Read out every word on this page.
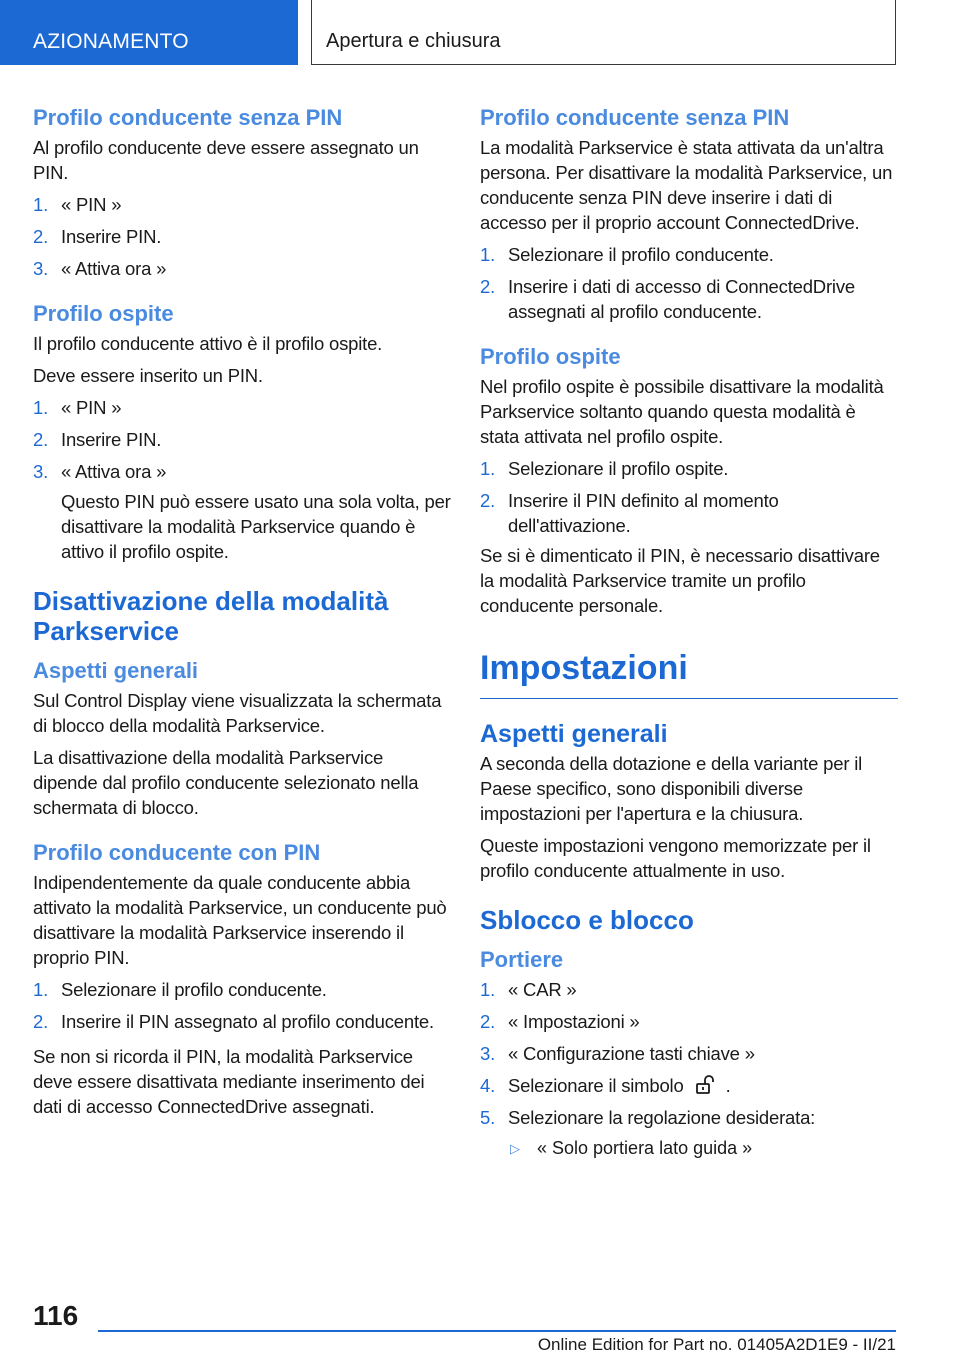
AZIONAMENTO	Apertura e chiusura
Profilo conducente senza PIN

Al profilo conducente deve essere assegnato un PIN.

1. « PIN »
2. Inserire PIN.
3. « Attiva ora »
Profilo ospite

Il profilo conducente attivo è il profilo ospite.

Deve essere inserito un PIN.

1. « PIN »
2. Inserire PIN.
3. « Attiva ora »

Questo PIN può essere usato una sola volta, per disattivare la modalità Parkservice quando è attivo il profilo ospite.

Disattivazione della modalità Parkservice
Aspetti generali

Sul Control Display viene visualizzata la schermata di blocco della modalità Parkservice.

La disattivazione della modalità Parkservice dipende dal profilo conducente selezionato nella schermata di blocco.

Profilo conducente con PIN

Indipendentemente da quale conducente abbia attivato la modalità Parkservice, un conducente può disattivare la modalità Parkservice inserendo il proprio PIN.

1. Selezionare il profilo conducente.
2. Inserire il PIN assegnato al profilo conducente.

Se non si ricorda il PIN, la modalità Parkservice deve essere disattivata mediante inserimento dei dati di accesso ConnectedDrive assegnati.

Profilo conducente senza PIN

La modalità Parkservice è stata attivata da un'altra persona. Per disattivare la modalità Parkservice, un conducente senza PIN deve inserire i dati di accesso per il proprio account ConnectedDrive.

1. Selezionare il profilo conducente.
2. Inserire i dati di accesso di ConnectedDrive assegnati al profilo conducente.
Profilo ospite

Nel profilo ospite è possibile disattivare la modalità Parkservice soltanto quando questa modalità è stata attivata nel profilo ospite.

1. Selezionare il profilo ospite.
2. Inserire il PIN definito al momento dell'attivazione.

Se si è dimenticato il PIN, è necessario disattivare la modalità Parkservice tramite un profilo conducente personale.

Impostazioni
Aspetti generali

A seconda della dotazione e della variante per il Paese specifico, sono disponibili diverse impostazioni per l'apertura e la chiusura.

Queste impostazioni vengono memorizzate per il profilo conducente attualmente in uso.

Sblocco e blocco
Portiere
1. « CAR »
2. « Impostazioni »
3. « Configurazione tasti chiave »
4. Selezionare il simbolo .
5. Selezionare la regolazione desiderata:
▷ « Solo portiera lato guida »
116
Online Edition for Part no. 01405A2D1E9 - II/21
